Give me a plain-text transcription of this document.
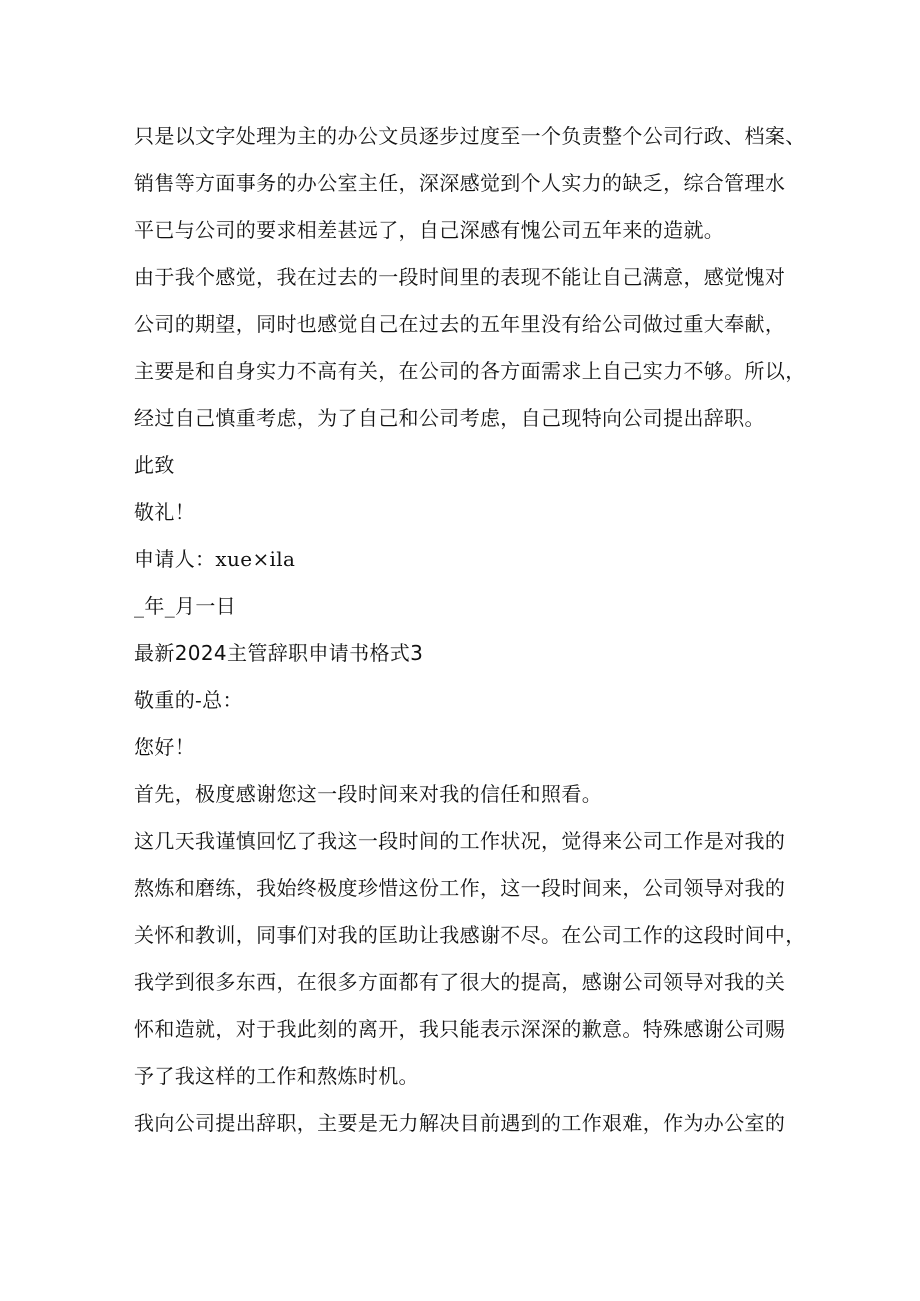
只是以文字处理为主的办公文员逐步过度至一个负责整个公司行政、档案、

销售等方面事务的办公室主任，深深感觉到个人实力的缺乏，综合管理水

平已与公司的要求相差甚远了，自己深感有愧公司五年来的造就。

由于我个感觉，我在过去的一段时间里的表现不能让自己满意，感觉愧对

公司的期望，同时也感觉自己在过去的五年里没有给公司做过重大奉献，

主要是和自身实力不高有关，在公司的各方面需求上自己实力不够。所以，

经过自己慎重考虑，为了自己和公司考虑，自己现特向公司提出辞职。

此致

敬礼！

申请人：xue×ila

_年_月一日

最新2024主管辞职申请书格式3

敬重的-总：

您好！

首先，极度感谢您这一段时间来对我的信任和照看。

这几天我谨慎回忆了我这一段时间的工作状况，觉得来公司工作是对我的

熬炼和磨练，我始终极度珍惜这份工作，这一段时间来，公司领导对我的

关怀和教训，同事们对我的匡助让我感谢不尽。在公司工作的这段时间中，

我学到很多东西，在很多方面都有了很大的提高，感谢公司领导对我的关

怀和造就，对于我此刻的离开，我只能表示深深的歉意。特殊感谢公司赐

予了我这样的工作和熬炼时机。

我向公司提出辞职，主要是无力解决目前遇到的工作艰难，作为办公室的
